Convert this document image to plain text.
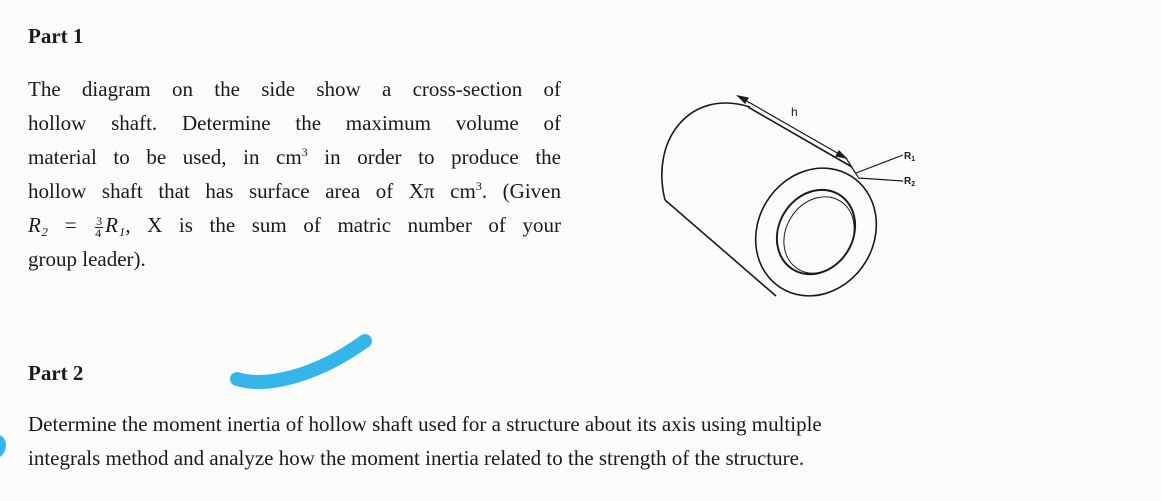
Part 1

The diagram on the side show a cross-section of
hollow shaft. Determine the maximum volume of
material to be used, in $cm^3$ in order to produce the
hollow shaft that has surface area of Xπ $cm^3$. (Given
$R_2 = \frac{3}{4} R_1$, X is the sum of matric number of your
group leader).

h
$R_1$
$R_2$
Part 2

Determine the moment inertia of hollow shaft used for a structure about its axis using multiple
integrals method and analyze how the moment inertia related to the strength of the structure.
